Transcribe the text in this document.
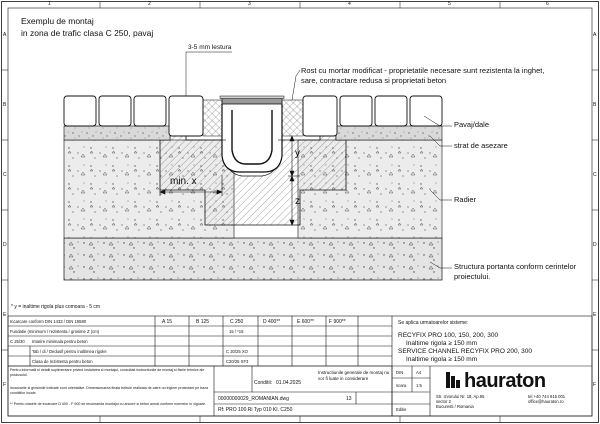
Exemplu de montaj
in zona de trafic clasa C 250, pavaj
1	2	3	4	5	6
A
B
C
D
E
F
A
B
C
D
E
F
3-5 mm lestura
Rost cu mortar modificat - proprietatile necesare sunt rezistenta la inghet, sare, contractare redusa si proprietati beton
Pavaj/dale
strat de asezare
Radier
Structura portanta conform cerintelor proiectului.
min. x
y
z
* y = inaltime rigola plus comoara - 5 cm
Incarcare conform DIN 1433 / DIN 19580	A 15	B 125	C 250	D 400**	E 600**	F 900**
Fundatie (minimum / rezistenta / grosime Z (cm)	15 / *15
C 25/30 Intarire minimala pentru beton
Tab / di / Dedusif pentru inaltimea rigolei	C 20/25 XO
Clasa de rezistenta pentru beton	C20/25 XF3
Se aplica urmatoarelor sisteme:
RECYFIX PRO 100, 150, 200, 300
Inaltime rigola ≥ 150 mm
SERVICE CHANNEL RECYFIX PRO 200, 300
Inaltime rigola ≥ 150 mm
Pentru informatii si detalii suplimentare privind instalarea si montajul, consultati instructiunile de montaj si fisele tehnice ale produsului.
Incarcarile si grosimile indicate sunt orientative. Dimensionarea finala trebuie realizata de catre un inginer proiectant pe baza conditiilor locale.
** Pentru clasele de incarcare D 400 - F 900 se recomanda montajul cu ancore si beton armat conform normelor in vigoare.
Conditii: 01.04.2025
Instructiunile generale de montaj nu vor fi luate in considerare
00000000029_ROMANIAN.dwg	13
Rf: PRO 100 Ri Typ 010 KI. C250
DIN	A4
scara 1:5
Editie
hauraton
Str. Izvorului Nr. 18, Ap.95
sector 2
Bucuresti / Romania
tel +40 744 915 001
office@hauraton.ro
